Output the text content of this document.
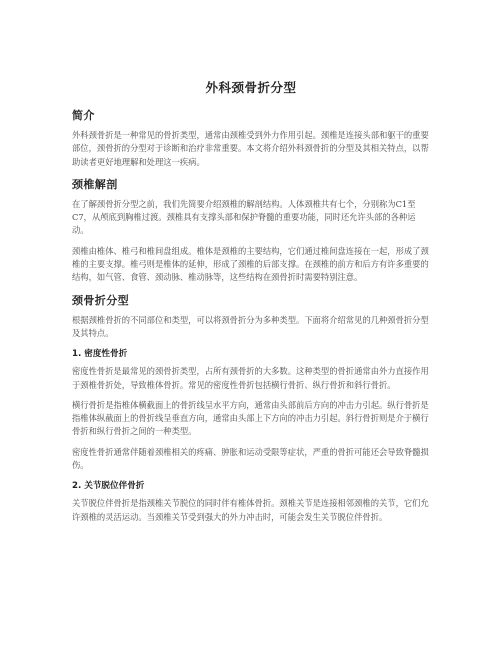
外科颈骨折分型
简介

外科颈骨折是一种常见的骨折类型，通常由颈椎受到外力作用引起。颈椎是连接头部和躯干的重要部位，颈骨折的分型对于诊断和治疗非常重要。本文将介绍外科颈骨折的分型及其相关特点，以帮助读者更好地理解和处理这一疾病。

颈椎解剖

在了解颈骨折分型之前，我们先简要介绍颈椎的解剖结构。人体颈椎共有七个，分别称为C1至C7，从颅底到胸椎过渡。颈椎具有支撑头部和保护脊髓的重要功能，同时还允许头部的各种运动。

颈椎由椎体、椎弓和椎间盘组成。椎体是颈椎的主要结构，它们通过椎间盘连接在一起，形成了颈椎的主要支撑。椎弓则是椎体的延伸，形成了颈椎的后部支撑。在颈椎的前方和后方有许多重要的结构，如气管、食管、颈动脉、椎动脉等，这些结构在颈骨折时需要特别注意。

颈骨折分型

根据颈椎骨折的不同部位和类型，可以将颈骨折分为多种类型。下面将介绍常见的几种颈骨折分型及其特点。

1. 密度性骨折

密度性骨折是最常见的颈骨折类型，占所有颈骨折的大多数。这种类型的骨折通常由外力直接作用于颈椎骨折处，导致椎体骨折。常见的密度性骨折包括横行骨折、纵行骨折和斜行骨折。

横行骨折是指椎体横截面上的骨折线呈水平方向，通常由头部前后方向的冲击力引起。纵行骨折是指椎体纵截面上的骨折线呈垂直方向，通常由头部上下方向的冲击力引起。斜行骨折则是介于横行骨折和纵行骨折之间的一种类型。

密度性骨折通常伴随着颈椎相关的疼痛、肿胀和运动受限等症状，严重的骨折可能还会导致脊髓损伤。

2. 关节脱位伴骨折

关节脱位伴骨折是指颈椎关节脱位的同时伴有椎体骨折。颈椎关节是连接相邻颈椎的关节，它们允许颈椎的灵活运动。当颈椎关节受到强大的外力冲击时，可能会发生关节脱位伴骨折。
